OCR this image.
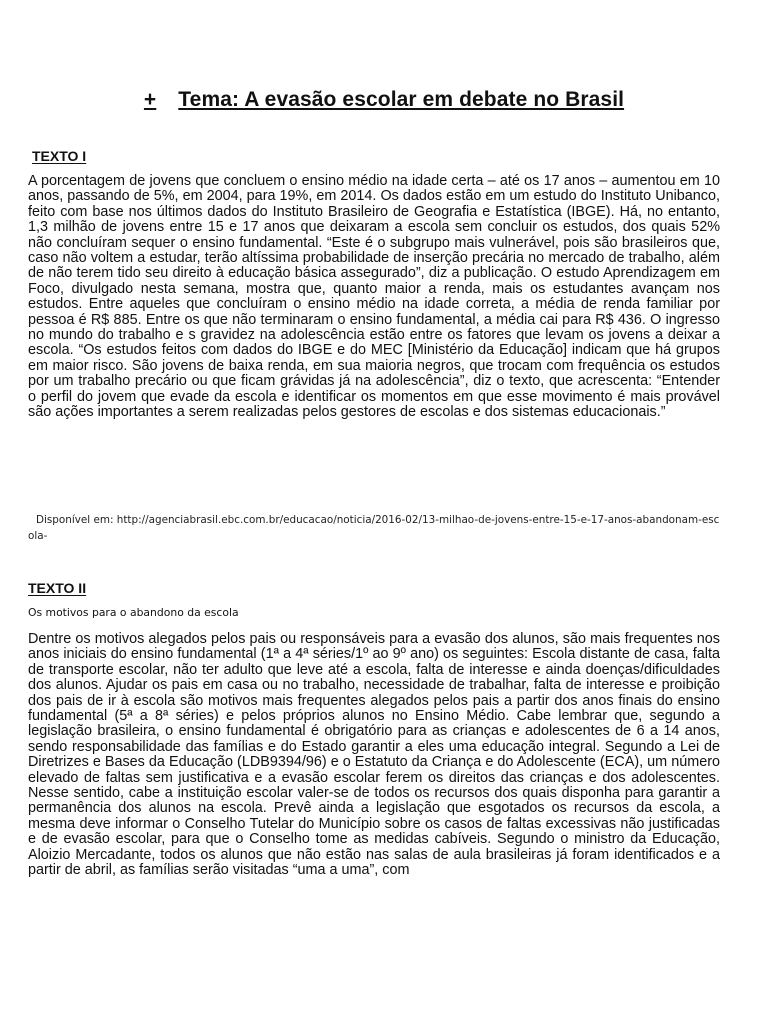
+ Tema: A evasão escolar em debate no Brasil
TEXTO I
A porcentagem de jovens que concluem o ensino médio na idade certa – até os 17 anos – aumentou em 10 anos, passando de 5%, em 2004, para 19%, em 2014. Os dados estão em um estudo do Instituto Unibanco, feito com base nos últimos dados do Instituto Brasileiro de Geografia e Estatística (IBGE). Há, no entanto, 1,3 milhão de jovens entre 15 e 17 anos que deixaram a escola sem concluir os estudos, dos quais 52% não concluíram sequer o ensino fundamental. “Este é o subgrupo mais vulnerável, pois são brasileiros que, caso não voltem a estudar, terão altíssima probabilidade de inserção precária no mercado de trabalho, além de não terem tido seu direito à educação básica assegurado”, diz a publicação. O estudo Aprendizagem em Foco, divulgado nesta semana, mostra que, quanto maior a renda, mais os estudantes avançam nos estudos. Entre aqueles que concluíram o ensino médio na idade correta, a média de renda familiar por pessoa é R$ 885. Entre os que não terminaram o ensino fundamental, a média cai para R$ 436. O ingresso no mundo do trabalho e s gravidez na adolescência estão entre os fatores que levam os jovens a deixar a escola. “Os estudos feitos com dados do IBGE e do MEC [Ministério da Educação] indicam que há grupos em maior risco. São jovens de baixa renda, em sua maioria negros, que trocam com frequência os estudos por um trabalho precário ou que ficam grávidas já na adolescência”, diz o texto, que acrescenta: “Entender o perfil do jovem que evade da escola e identificar os momentos em que esse movimento é mais provável são ações importantes a serem realizadas pelos gestores de escolas e dos sistemas educacionais.”
Disponível em: http://agenciabrasil.ebc.com.br/educacao/noticia/2016-02/13-milhao-de-jovens-entre-15-e-17-anos-abandonam-escola-
TEXTO II
Os motivos para o abandono da escola
Dentre os motivos alegados pelos pais ou responsáveis para a evasão dos alunos, são mais frequentes nos anos iniciais do ensino fundamental (1ª a 4ª séries/1º ao 9º ano) os seguintes: Escola distante de casa, falta de transporte escolar, não ter adulto que leve até a escola, falta de interesse e ainda doenças/dificuldades dos alunos. Ajudar os pais em casa ou no trabalho, necessidade de trabalhar, falta de interesse e proibição dos pais de ir à escola são motivos mais frequentes alegados pelos pais a partir dos anos finais do ensino fundamental (5ª a 8ª séries) e pelos próprios alunos no Ensino Médio. Cabe lembrar que, segundo a legislação brasileira, o ensino fundamental é obrigatório para as crianças e adolescentes de 6 a 14 anos, sendo responsabilidade das famílias e do Estado garantir a eles uma educação integral. Segundo a Lei de Diretrizes e Bases da Educação (LDB9394/96) e o Estatuto da Criança e do Adolescente (ECA), um número elevado de faltas sem justificativa e a evasão escolar ferem os direitos das crianças e dos adolescentes. Nesse sentido, cabe a instituição escolar valer-se de todos os recursos dos quais disponha para garantir a permanência dos alunos na escola. Prevê ainda a legislação que esgotados os recursos da escola, a mesma deve informar o Conselho Tutelar do Município sobre os casos de faltas excessivas não justificadas e de evasão escolar, para que o Conselho tome as medidas cabíveis. Segundo o ministro da Educação, Aloizio Mercadante, todos os alunos que não estão nas salas de aula brasileiras já foram identificados e a partir de abril, as famílias serão visitadas “uma a uma”, com
